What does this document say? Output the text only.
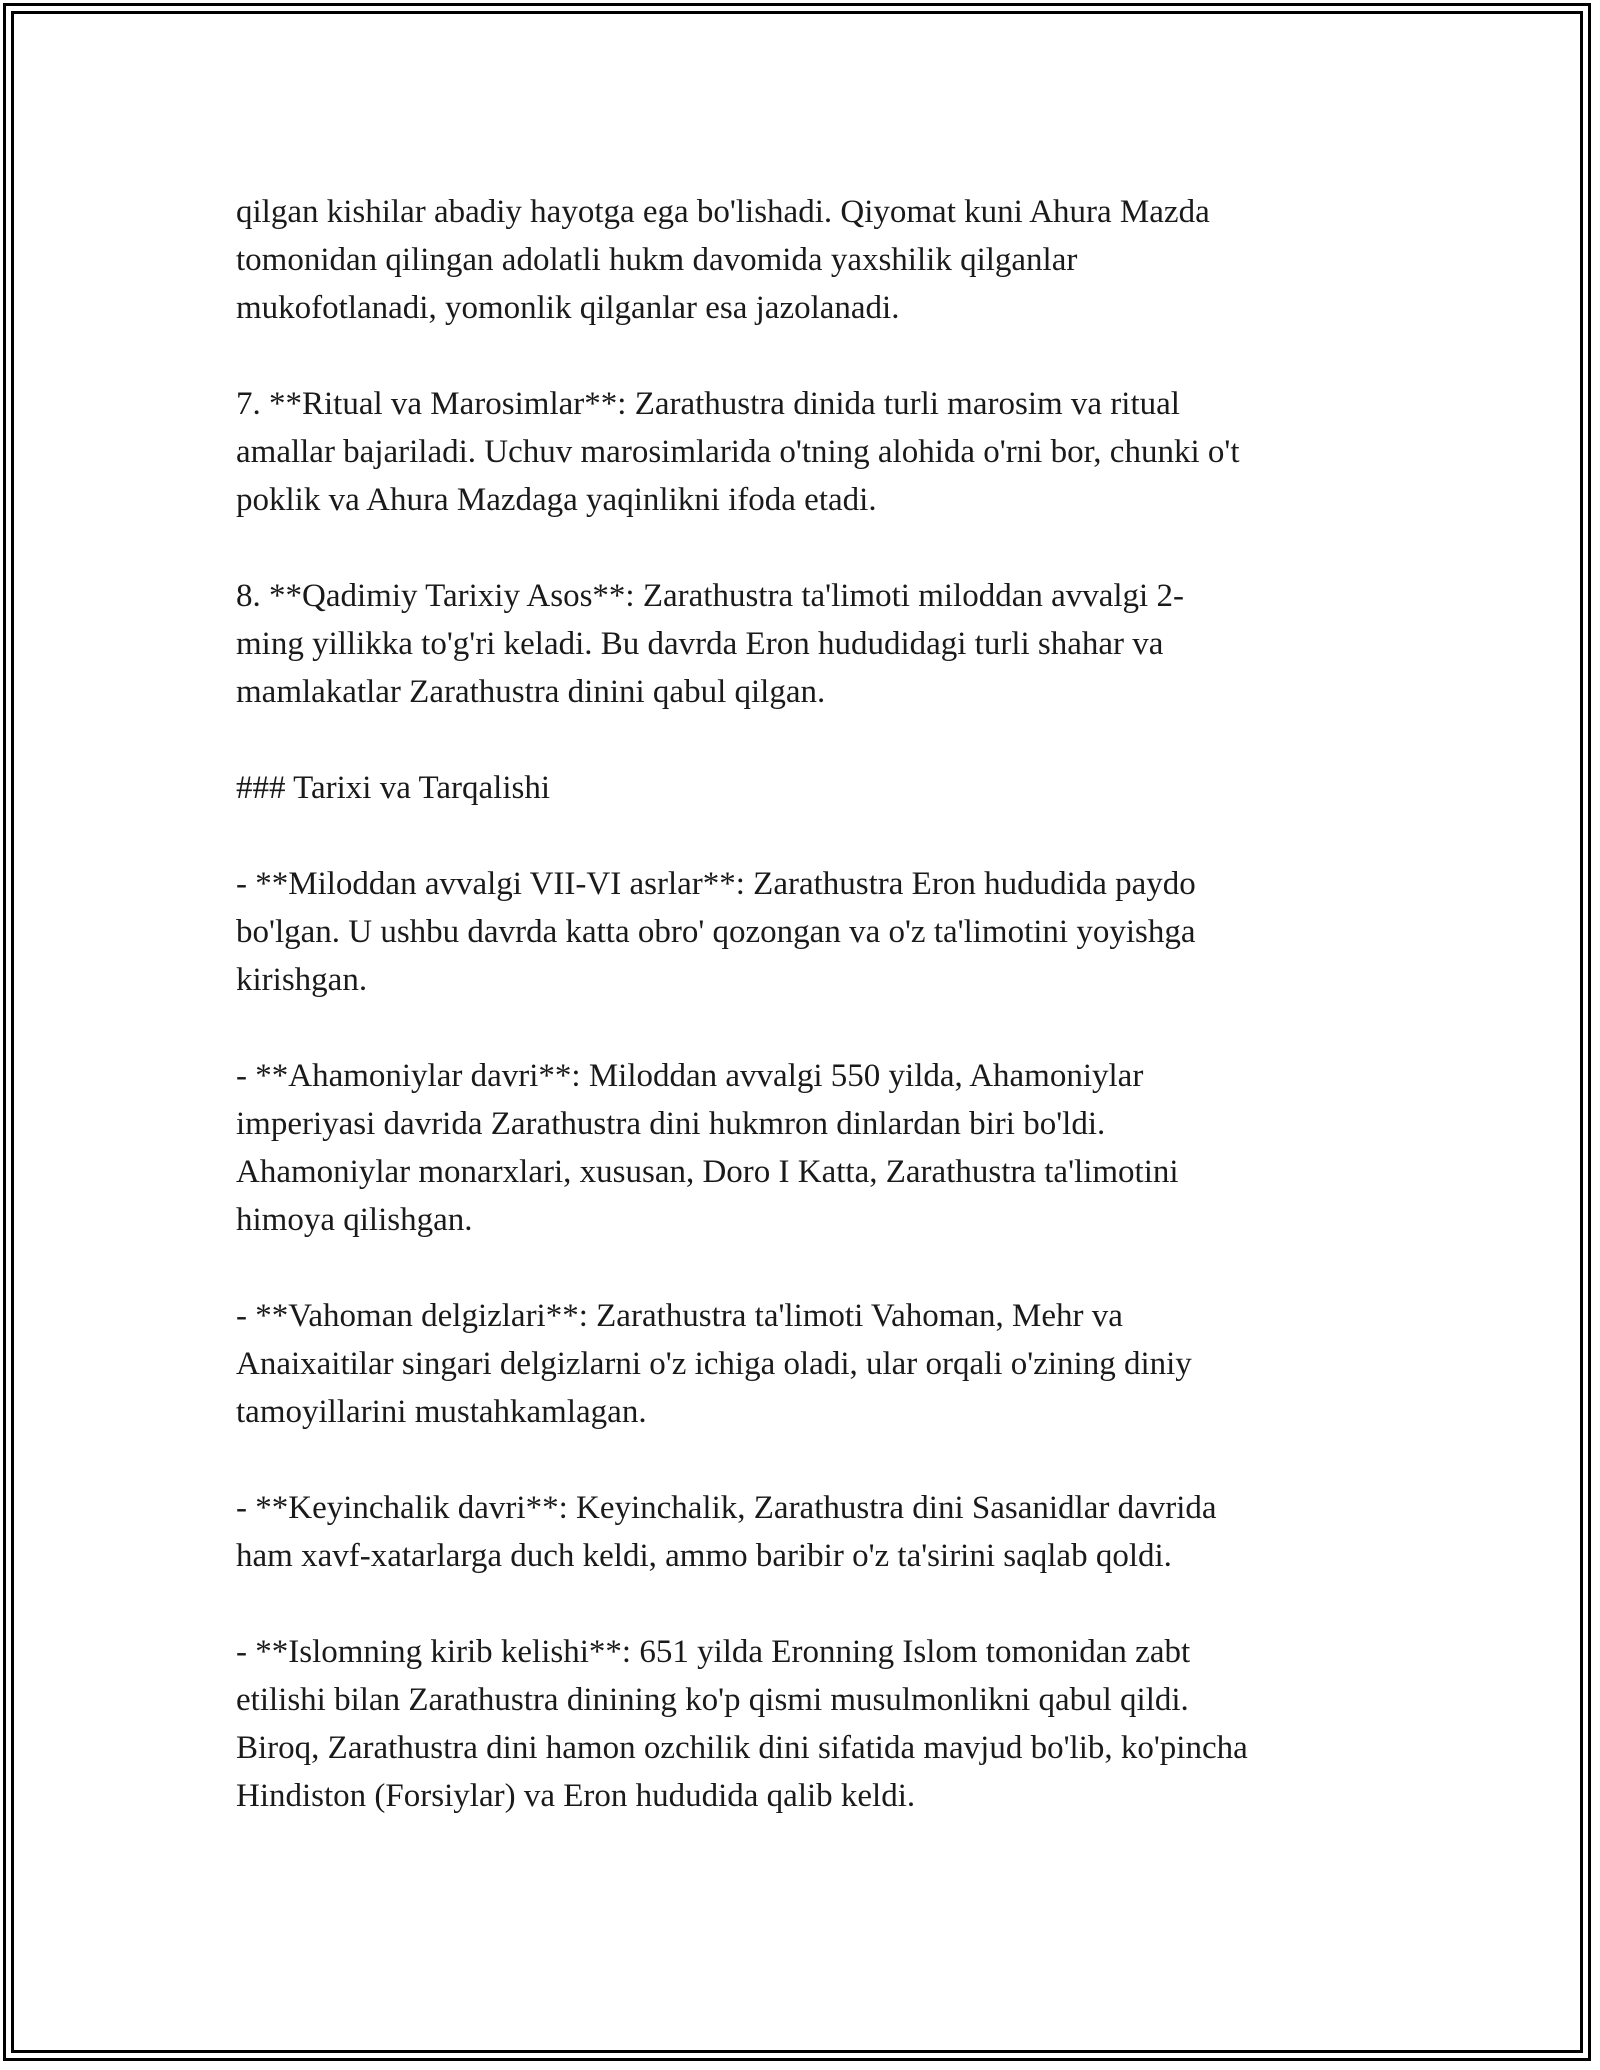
qilgan kishilar abadiy hayotga ega bo'lishadi. Qiyomat kuni Ahura Mazda
tomonidan qilingan adolatli hukm davomida yaxshilik qilganlar
mukofotlanadi, yomonlik qilganlar esa jazolanadi.

7. **Ritual va Marosimlar**: Zarathustra dinida turli marosim va ritual
amallar bajariladi. Uchuv marosimlarida o'tning alohida o'rni bor, chunki o't
poklik va Ahura Mazdaga yaqinlikni ifoda etadi.

8. **Qadimiy Tarixiy Asos**: Zarathustra ta'limoti miloddan avvalgi 2-
ming yillikka to'g'ri keladi. Bu davrda Eron hududidagi turli shahar va
mamlakatlar Zarathustra dinini qabul qilgan.

### Tarixi va Tarqalishi

- **Miloddan avvalgi VII-VI asrlar**: Zarathustra Eron hududida paydo
bo'lgan. U ushbu davrda katta obro' qozongan va o'z ta'limotini yoyishga
kirishgan.

- **Ahamoniylar davri**: Miloddan avvalgi 550 yilda, Ahamoniylar
imperiyasi davrida Zarathustra dini hukmron dinlardan biri bo'ldi.
Ahamoniylar monarxlari, xususan, Doro I Katta, Zarathustra ta'limotini
himoya qilishgan.

- **Vahoman delgizlari**: Zarathustra ta'limoti Vahoman, Mehr va
Anaixaitilar singari delgizlarni o'z ichiga oladi, ular orqali o'zining diniy
tamoyillarini mustahkamlagan.

- **Keyinchalik davri**: Keyinchalik, Zarathustra dini Sasanidlar davrida
ham xavf-xatarlarga duch keldi, ammo baribir o'z ta'sirini saqlab qoldi.

- **Islomning kirib kelishi**: 651 yilda Eronning Islom tomonidan zabt
etilishi bilan Zarathustra dinining ko'p qismi musulmonlikni qabul qildi.
Biroq, Zarathustra dini hamon ozchilik dini sifatida mavjud bo'lib, ko'pincha
Hindiston (Forsiylar) va Eron hududida qalib keldi.
